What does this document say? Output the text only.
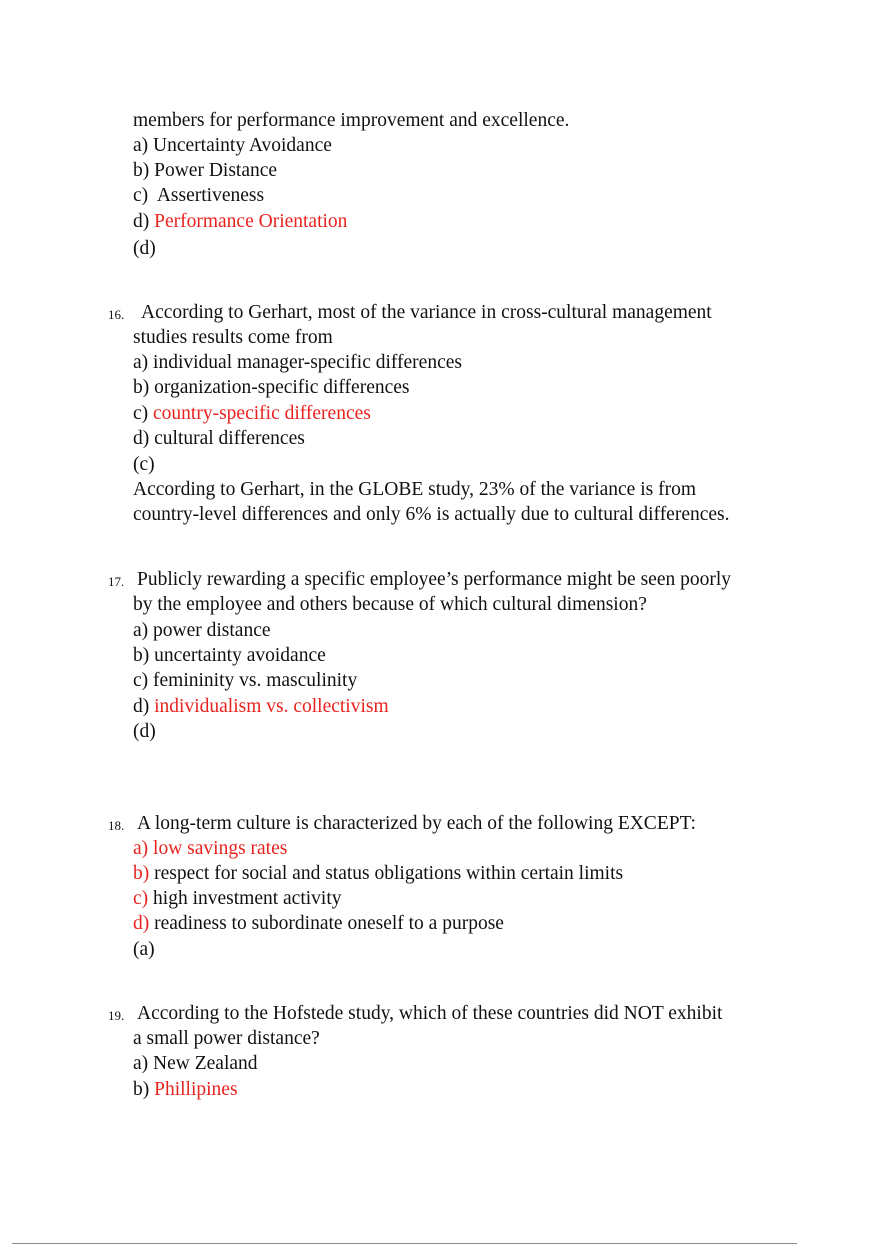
members for performance improvement and excellence.
a) Uncertainty Avoidance
b) Power Distance
c)  Assertiveness
d) Performance Orientation
(d)
16. According to Gerhart, most of the variance in cross-cultural management
studies results come from
a) individual manager-specific differences
b) organization-specific differences
c) country-specific differences
d) cultural differences
(c)
According to Gerhart, in the GLOBE study, 23% of the variance is from
country-level differences and only 6% is actually due to cultural differences.
17. Publicly rewarding a specific employee’s performance might be seen poorly
by the employee and others because of which cultural dimension?
a) power distance
b) uncertainty avoidance
c) femininity vs. masculinity
d) individualism vs. collectivism
(d)
18. A long-term culture is characterized by each of the following EXCEPT:
a) low savings rates
b) respect for social and status obligations within certain limits
c) high investment activity
d) readiness to subordinate oneself to a purpose
(a)
19. According to the Hofstede study, which of these countries did NOT exhibit
a small power distance?
a) New Zealand
b) Phillipines
